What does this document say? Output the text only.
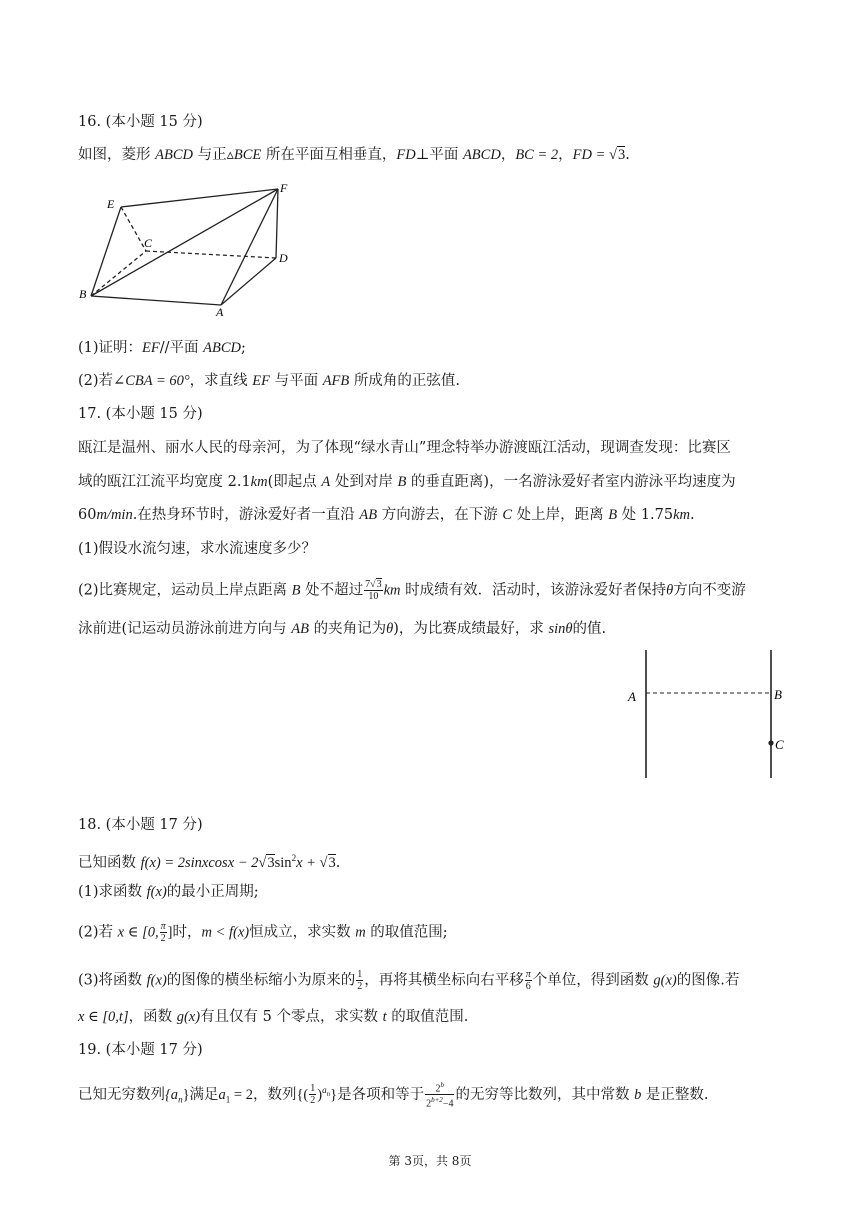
16. (本小题 15 分)
如图，菱形 ABCD 与正▵BCE 所在平面互相垂直，FD⊥平面 ABCD，BC = 2，FD = √3.
E
F
C
D
B
A
(1)证明：EF//平面 ABCD;
(2)若∠CBA = 60°，求直线 EF 与平面 AFB 所成角的正弦值.
17. (本小题 15 分)
瓯江是温州、丽水人民的母亲河，为了体现“绿水青山”理念特举办游渡瓯江活动，现调查发现：比赛区
域的瓯江江流平均宽度 2.1km(即起点 A 处到对岸 B 的垂直距离)，一名游泳爱好者室内游泳平均速度为
60m/min.在热身环节时，游泳爱好者一直沿 AB 方向游去，在下游 C 处上岸，距离 B 处 1.75km.
(1)假设水流匀速，求水流速度多少？
(2)比赛规定，运动员上岸点距离 B 处不超过 $\frac{7√3}{10}$ km 时成绩有效．活动时，该游泳爱好者保持θ方向不变游
泳前进(记运动员游泳前进方向与 AB 的夹角记为θ)，为比赛成绩最好，求 sinθ的值.
A	B
C
18. (本小题 17 分)
已知函数 f(x) = 2sinxcosx − $2√3\sin^2x + √3$.
(1)求函数 f(x)的最小正周期;
(2)若 x ∈ [0, $\frac{\pi}{2}$ ]时，m < f(x)恒成立，求实数 m 的取值范围;
(3)将函数 f(x)的图像的横坐标缩小为原来的 $\frac{1}{2}$ ，再将其横坐标向右平移 $\frac{\pi}{6}$ 个单位，得到函数 g(x)的图像.若
x ∈ [0,t]，函数 g(x)有且仅有 5 个零点，求实数 t 的取值范围.
19. (本小题 17 分)
已知无穷数列$\{a_n\}$满足$a_1 = 2$，数列{( $\frac{1}{2} )^{a_n}$}是各项和等于 $\frac{2^b}{2^{b+2}-4}$ 的无穷等比数列，其中常数 b 是正整数.
第 3页，共 8页
